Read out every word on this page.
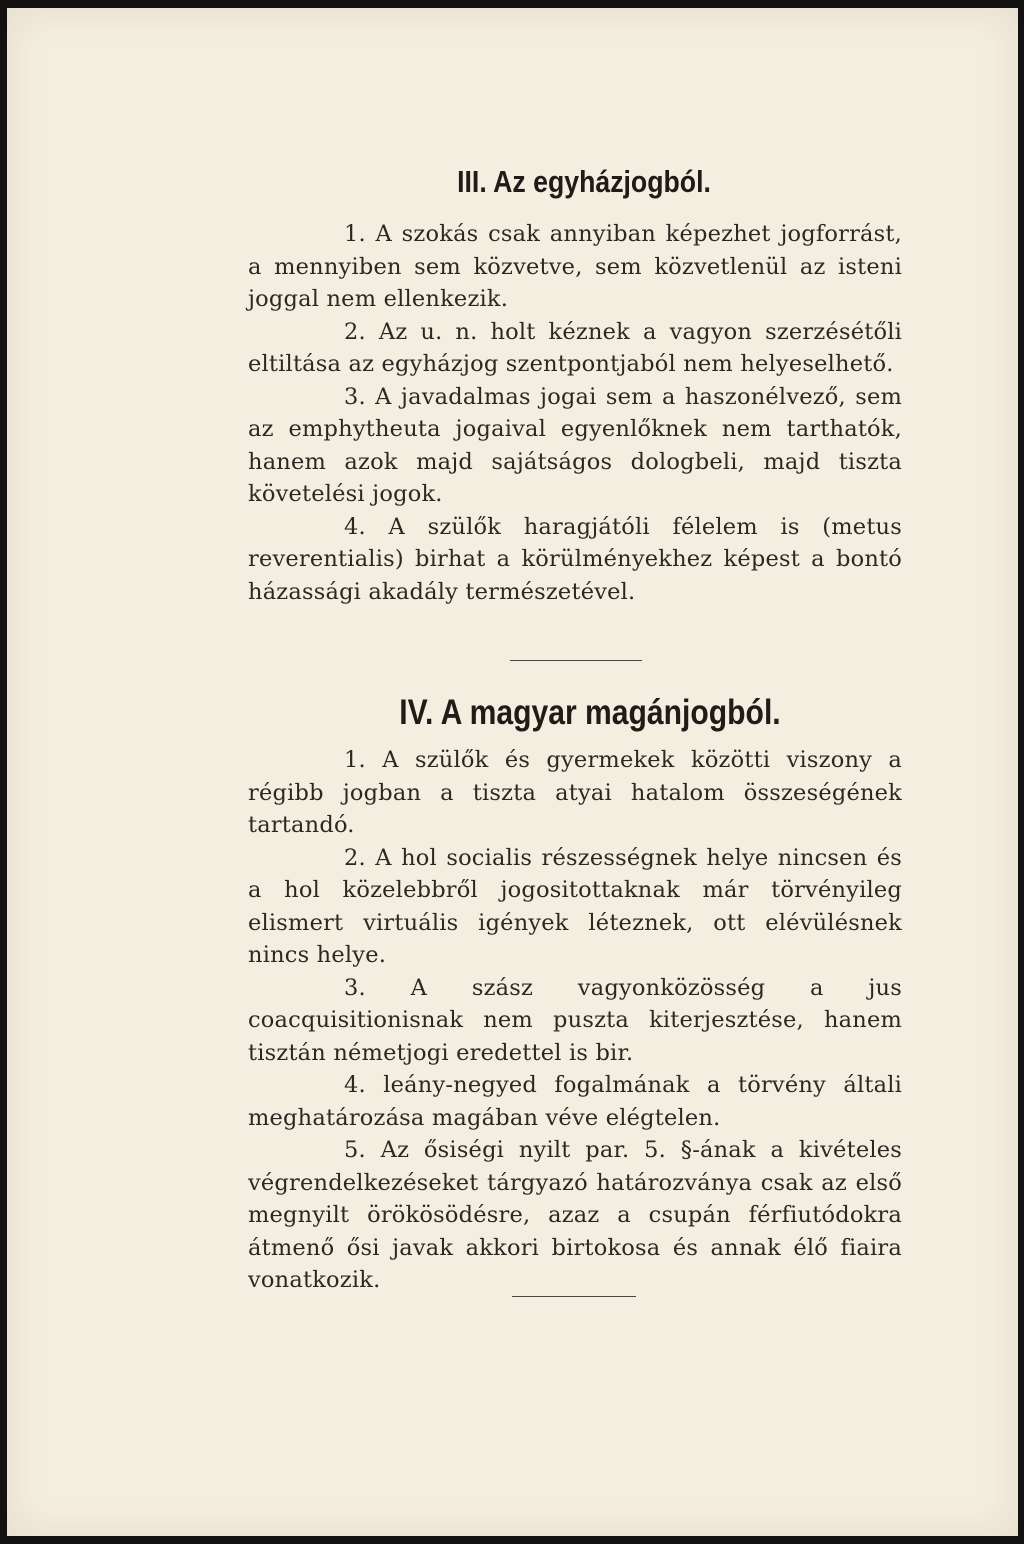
III. Az egyházjogból.

1. A szokás csak annyiban képezhet jogforrást, a mennyiben sem közvetve, sem közvetlenül az isteni joggal nem ellenkezik.

2. Az u. n. holt kéznek a vagyon szerzésétőli eltiltása az egyházjog szentpontjaból nem helyeselhető.

3. A javadalmas jogai sem a haszonélvező, sem az emphytheuta jogaival egyenlőknek nem tarthatók, hanem azok majd sajátságos dologbeli, majd tiszta követelési jogok.

4. A szülők haragjátóli félelem is (metus reverentialis) birhat a körülményekhez képest a bontó házassági akadály természetével.

IV. A magyar magánjogból.

1. A szülők és gyermekek közötti viszony a régibb jogban a tiszta atyai hatalom összeségének tartandó.

2. A hol socialis részességnek helye nincsen és a hol közelebbről jogositottaknak már törvényileg elismert virtuális igények léteznek, ott elévülésnek nincs helye.

3. A szász vagyonközösség a jus coacquisitionisnak nem puszta kiterjesztése, hanem tisztán németjogi eredettel is bir.

4. leány-negyed fogalmának a törvény általi meghatározása magában véve elégtelen.

5. Az ősiségi nyilt par. 5. §-ának a kivételes végrendelkezéseket tárgyazó határozványa csak az első megnyilt örökösödésre, azaz a csupán férfiutódokra átmenő ősi javak akkori birtokosa és annak élő fiaira vonatkozik.
